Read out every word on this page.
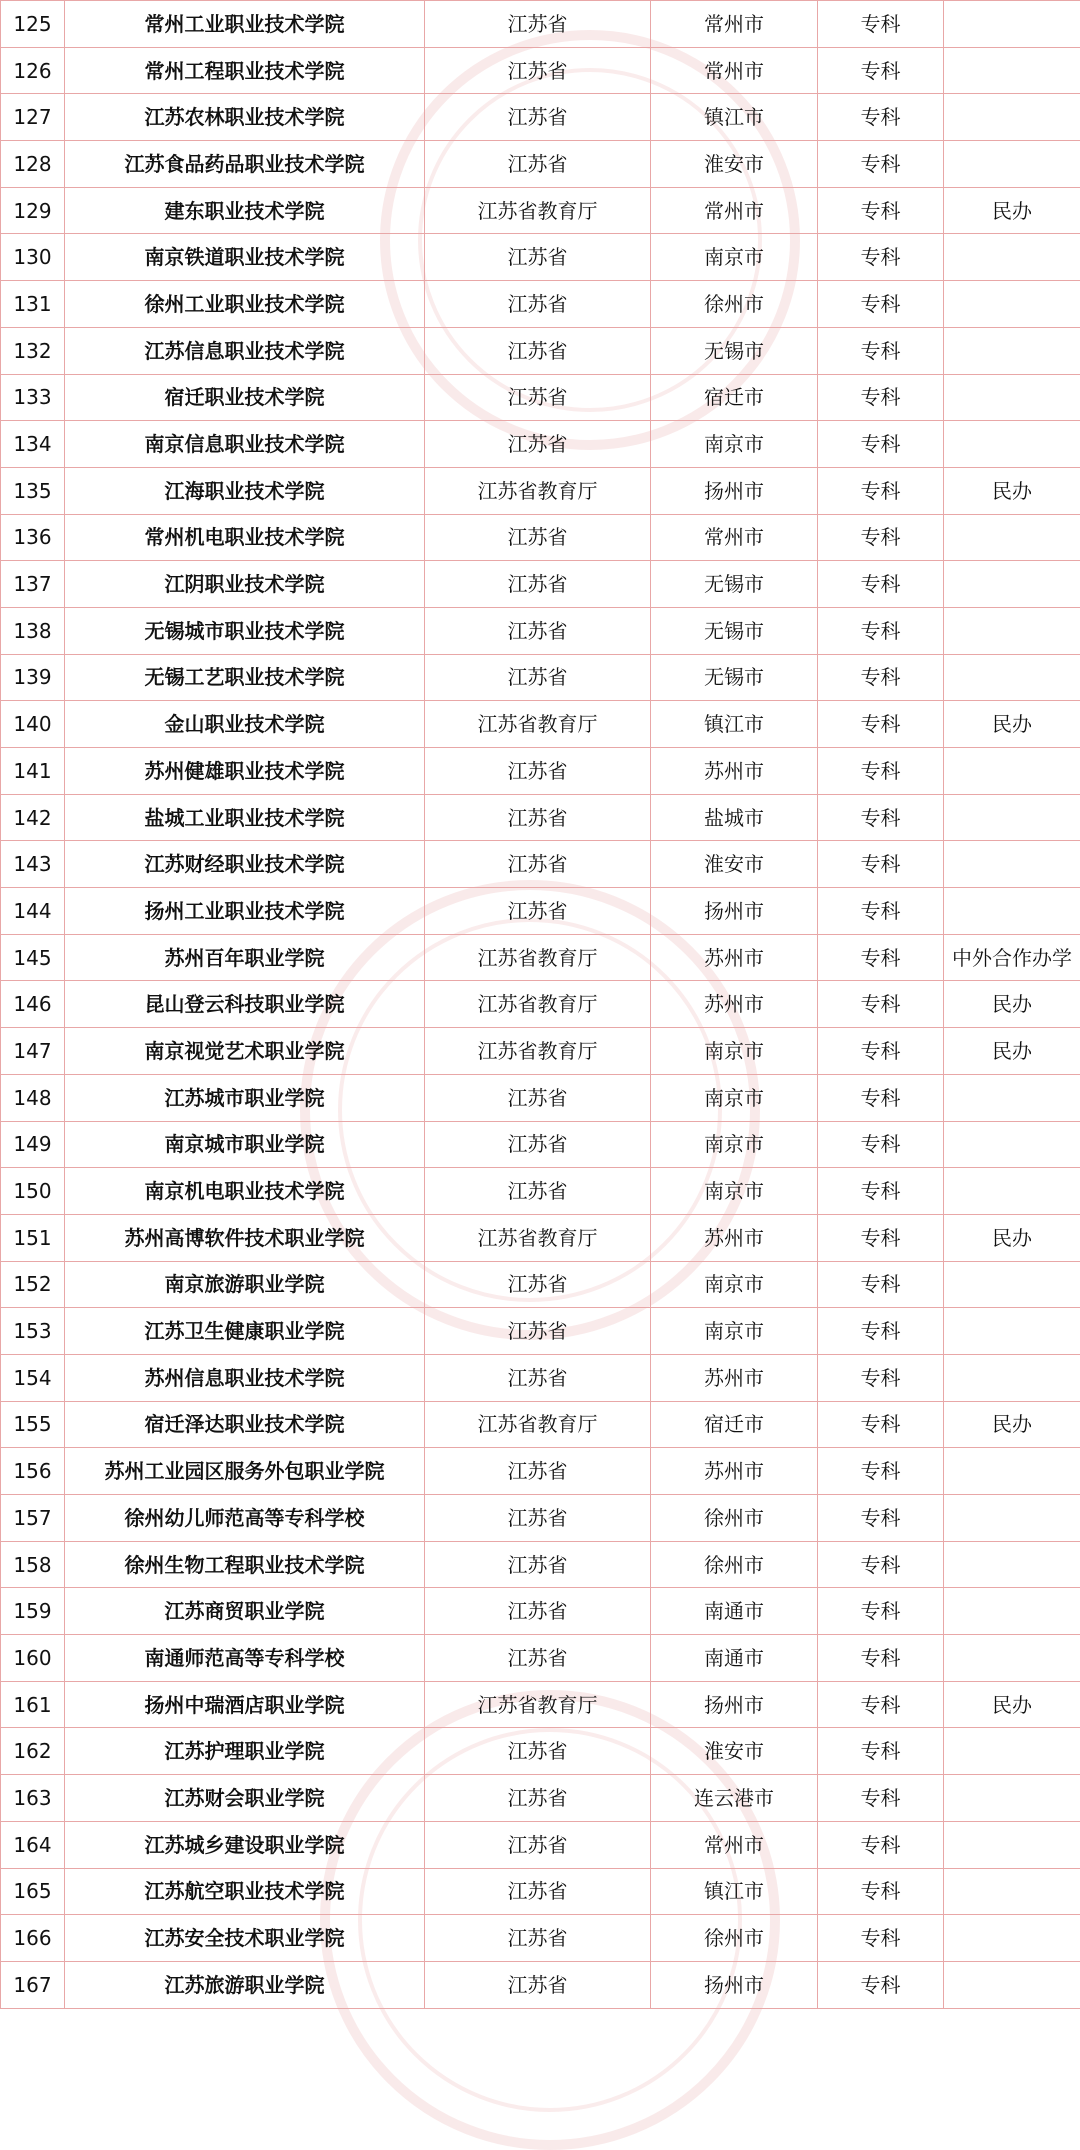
125	常州工业职业技术学院	江苏省	常州市	专科	
126	常州工程职业技术学院	江苏省	常州市	专科	
127	江苏农林职业技术学院	江苏省	镇江市	专科	
128	江苏食品药品职业技术学院	江苏省	淮安市	专科	
129	建东职业技术学院	江苏省教育厅	常州市	专科	民办
130	南京铁道职业技术学院	江苏省	南京市	专科	
131	徐州工业职业技术学院	江苏省	徐州市	专科	
132	江苏信息职业技术学院	江苏省	无锡市	专科	
133	宿迁职业技术学院	江苏省	宿迁市	专科	
134	南京信息职业技术学院	江苏省	南京市	专科	
135	江海职业技术学院	江苏省教育厅	扬州市	专科	民办
136	常州机电职业技术学院	江苏省	常州市	专科	
137	江阴职业技术学院	江苏省	无锡市	专科	
138	无锡城市职业技术学院	江苏省	无锡市	专科	
139	无锡工艺职业技术学院	江苏省	无锡市	专科	
140	金山职业技术学院	江苏省教育厅	镇江市	专科	民办
141	苏州健雄职业技术学院	江苏省	苏州市	专科	
142	盐城工业职业技术学院	江苏省	盐城市	专科	
143	江苏财经职业技术学院	江苏省	淮安市	专科	
144	扬州工业职业技术学院	江苏省	扬州市	专科	
145	苏州百年职业学院	江苏省教育厅	苏州市	专科	中外合作办学
146	昆山登云科技职业学院	江苏省教育厅	苏州市	专科	民办
147	南京视觉艺术职业学院	江苏省教育厅	南京市	专科	民办
148	江苏城市职业学院	江苏省	南京市	专科	
149	南京城市职业学院	江苏省	南京市	专科	
150	南京机电职业技术学院	江苏省	南京市	专科	
151	苏州高博软件技术职业学院	江苏省教育厅	苏州市	专科	民办
152	南京旅游职业学院	江苏省	南京市	专科	
153	江苏卫生健康职业学院	江苏省	南京市	专科	
154	苏州信息职业技术学院	江苏省	苏州市	专科	
155	宿迁泽达职业技术学院	江苏省教育厅	宿迁市	专科	民办
156	苏州工业园区服务外包职业学院	江苏省	苏州市	专科	
157	徐州幼儿师范高等专科学校	江苏省	徐州市	专科	
158	徐州生物工程职业技术学院	江苏省	徐州市	专科	
159	江苏商贸职业学院	江苏省	南通市	专科	
160	南通师范高等专科学校	江苏省	南通市	专科	
161	扬州中瑞酒店职业学院	江苏省教育厅	扬州市	专科	民办
162	江苏护理职业学院	江苏省	淮安市	专科	
163	江苏财会职业学院	江苏省	连云港市	专科	
164	江苏城乡建设职业学院	江苏省	常州市	专科	
165	江苏航空职业技术学院	江苏省	镇江市	专科	
166	江苏安全技术职业学院	江苏省	徐州市	专科	
167	江苏旅游职业学院	江苏省	扬州市	专科	
